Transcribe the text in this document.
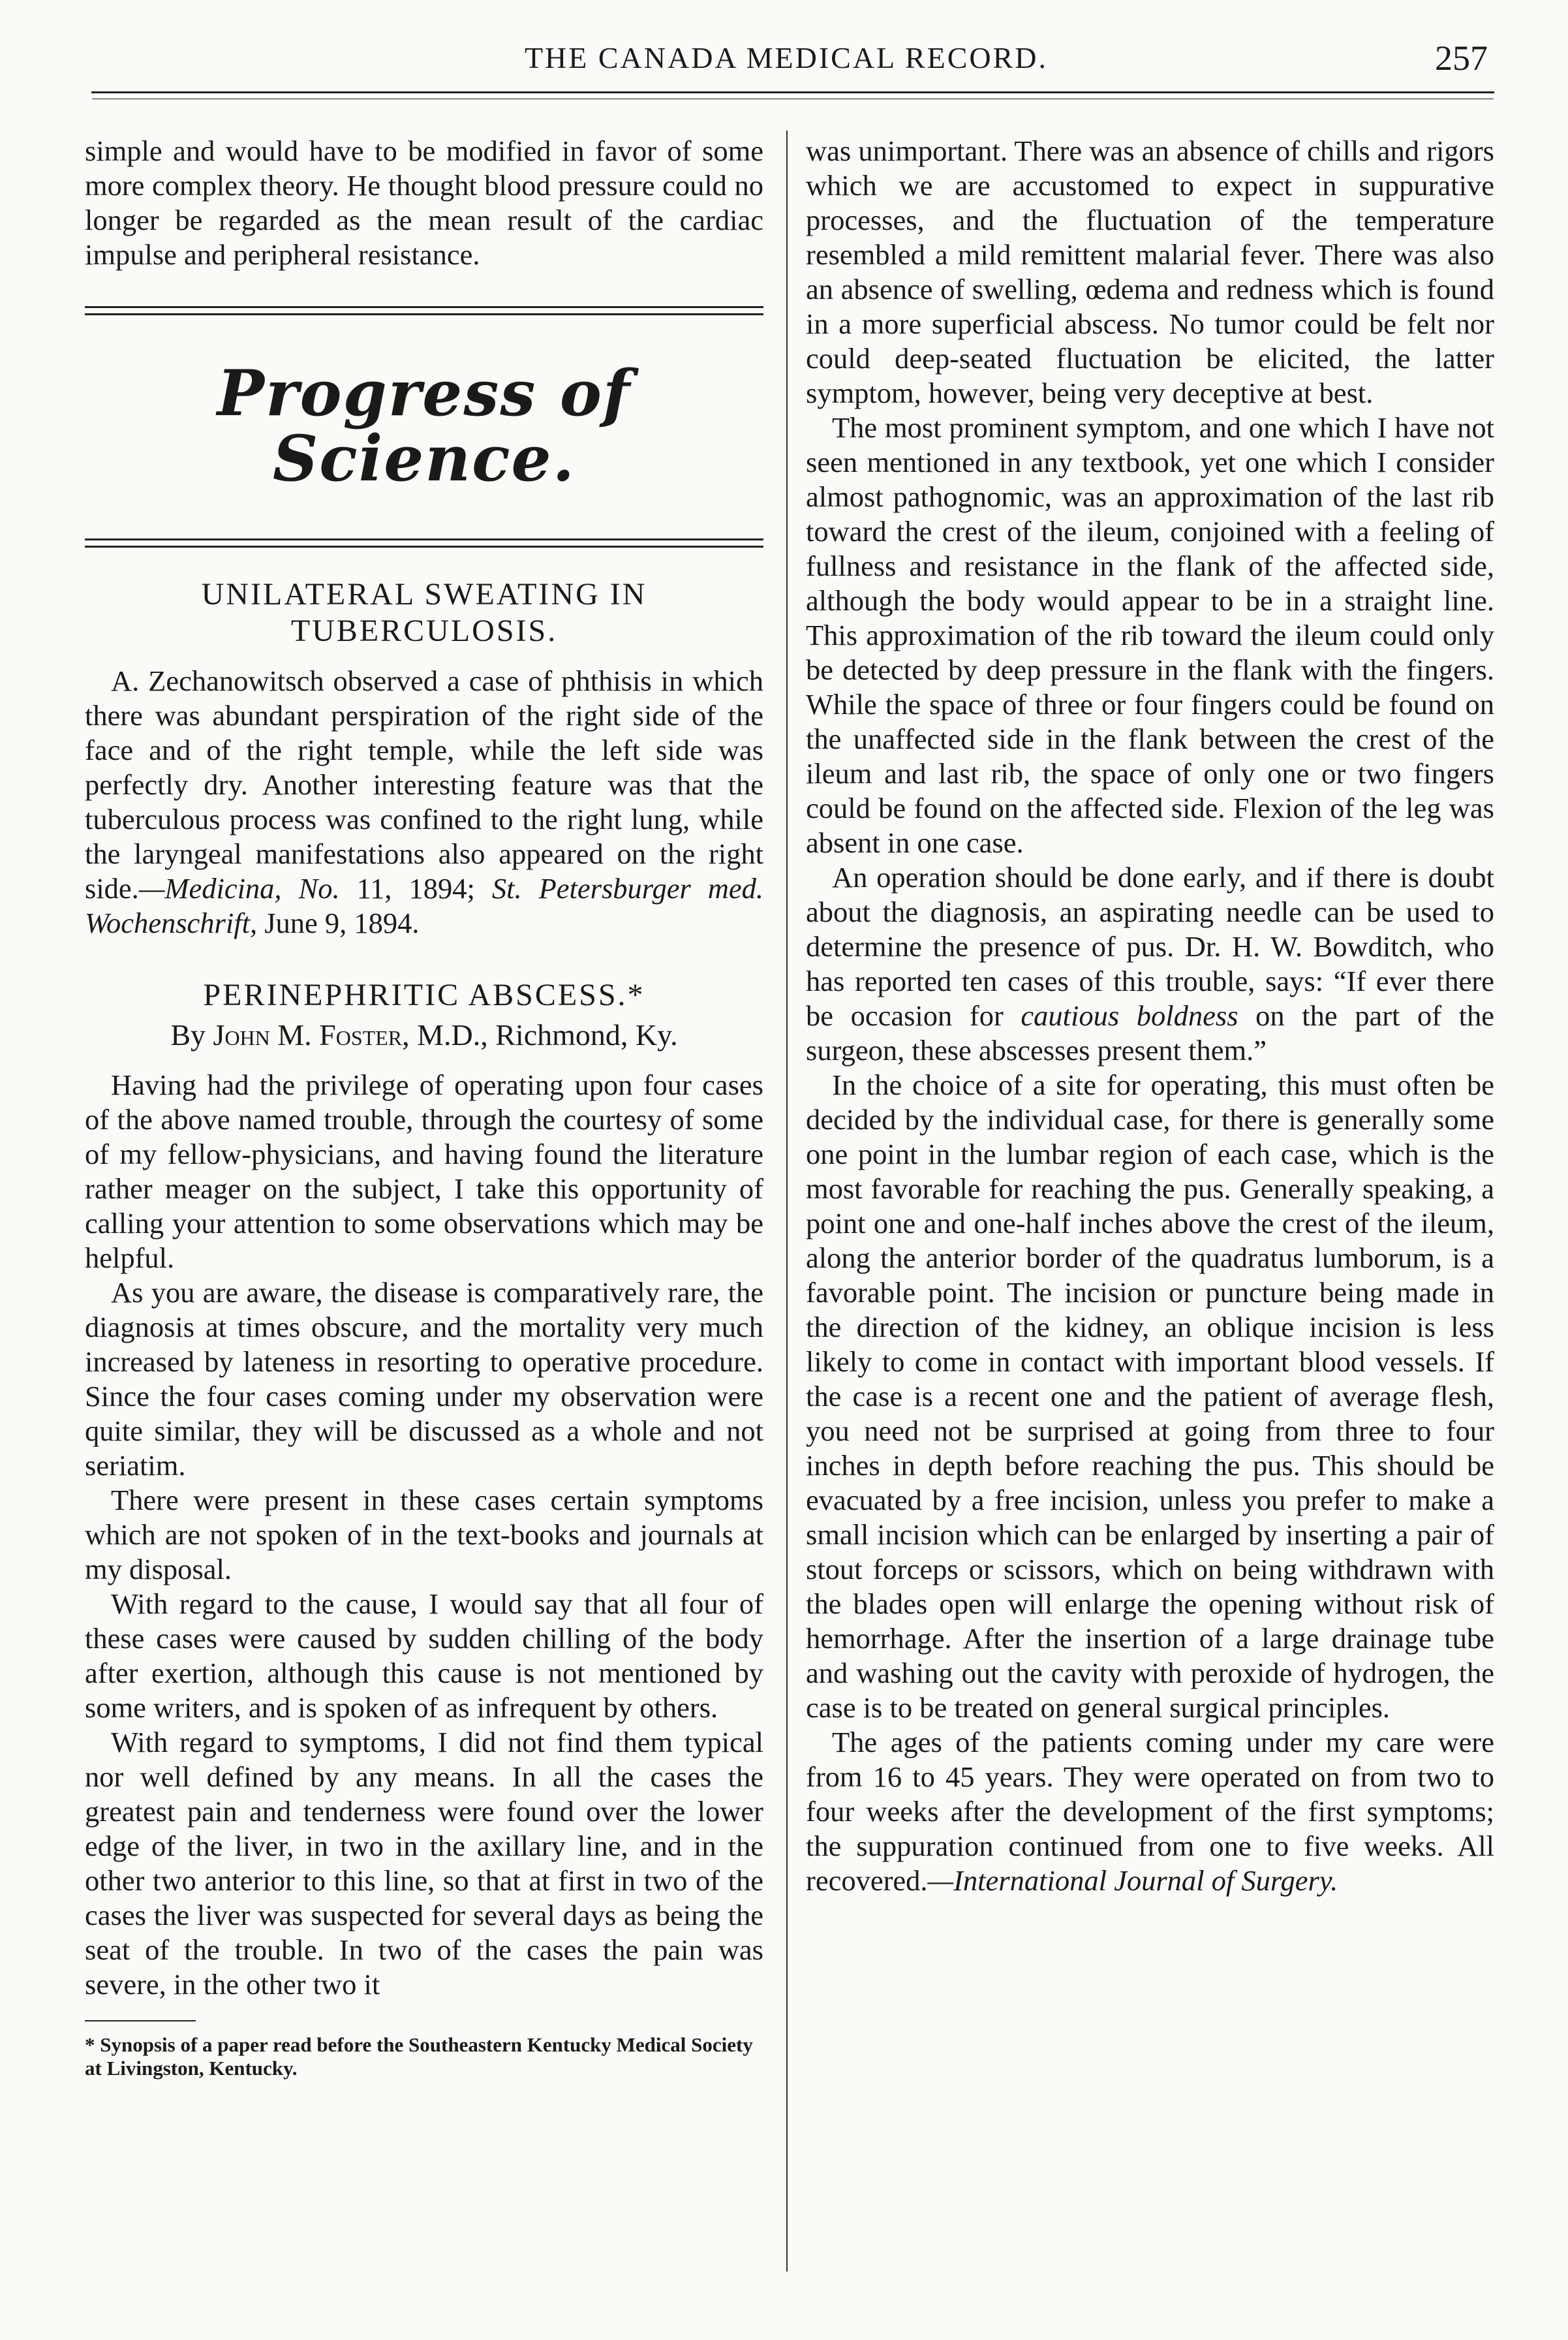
THE CANADA MEDICAL RECORD.	257

simple and would have to be modified in favor of some more complex theory. He thought blood pressure could no longer be regarded as the mean result of the cardiac impulse and peripheral resistance.

Progress of Science.
UNILATERAL SWEATING IN TUBERCULOSIS.

A. Zechanowitsch observed a case of phthisis in which there was abundant perspiration of the right side of the face and of the right temple, while the left side was perfectly dry. Another interesting feature was that the tuberculous process was confined to the right lung, while the laryngeal manifestations also appeared on the right side.—Medicina, No. 11, 1894; St. Petersburger med. Wochenschrift, June 9, 1894.

PERINEPHRITIC ABSCESS.*
By John M. Foster, M.D., Richmond, Ky.

Having had the privilege of operating upon four cases of the above named trouble, through the courtesy of some of my fellow-physicians, and having found the literature rather meager on the subject, I take this opportunity of calling your attention to some observations which may be helpful.

As you are aware, the disease is comparatively rare, the diagnosis at times obscure, and the mortality very much increased by lateness in resorting to operative procedure. Since the four cases coming under my observation were quite similar, they will be discussed as a whole and not seriatim.

There were present in these cases certain symptoms which are not spoken of in the text-books and journals at my disposal.

With regard to the cause, I would say that all four of these cases were caused by sudden chilling of the body after exertion, although this cause is not mentioned by some writers, and is spoken of as infrequent by others.

With regard to symptoms, I did not find them typical nor well defined by any means. In all the cases the greatest pain and tenderness were found over the lower edge of the liver, in two in the axillary line, and in the other two anterior to this line, so that at first in two of the cases the liver was suspected for several days as being the seat of the trouble. In two of the cases the pain was severe, in the other two it

* Synopsis of a paper read before the Southeastern Kentucky Medical Society at Livingston, Kentucky.

was unimportant. There was an absence of chills and rigors which we are accustomed to expect in suppurative processes, and the fluctuation of the temperature resembled a mild remittent malarial fever. There was also an absence of swelling, œdema and redness which is found in a more superficial abscess. No tumor could be felt nor could deep-seated fluctuation be elicited, the latter symptom, however, being very deceptive at best.

The most prominent symptom, and one which I have not seen mentioned in any textbook, yet one which I consider almost pathognomic, was an approximation of the last rib toward the crest of the ileum, conjoined with a feeling of fullness and resistance in the flank of the affected side, although the body would appear to be in a straight line. This approximation of the rib toward the ileum could only be detected by deep pressure in the flank with the fingers. While the space of three or four fingers could be found on the unaffected side in the flank between the crest of the ileum and last rib, the space of only one or two fingers could be found on the affected side. Flexion of the leg was absent in one case.

An operation should be done early, and if there is doubt about the diagnosis, an aspirating needle can be used to determine the presence of pus. Dr. H. W. Bowditch, who has reported ten cases of this trouble, says: “If ever there be occasion for cautious boldness on the part of the surgeon, these abscesses present them.”

In the choice of a site for operating, this must often be decided by the individual case, for there is generally some one point in the lumbar region of each case, which is the most favorable for reaching the pus. Generally speaking, a point one and one-half inches above the crest of the ileum, along the anterior border of the quadratus lumborum, is a favorable point. The incision or puncture being made in the direction of the kidney, an oblique incision is less likely to come in contact with important blood vessels. If the case is a recent one and the patient of average flesh, you need not be surprised at going from three to four inches in depth before reaching the pus. This should be evacuated by a free incision, unless you prefer to make a small incision which can be enlarged by inserting a pair of stout forceps or scissors, which on being withdrawn with the blades open will enlarge the opening without risk of hemorrhage. After the insertion of a large drainage tube and washing out the cavity with peroxide of hydrogen, the case is to be treated on general surgical principles.

The ages of the patients coming under my care were from 16 to 45 years. They were operated on from two to four weeks after the development of the first symptoms; the suppuration continued from one to five weeks. All recovered.—International Journal of Surgery.
